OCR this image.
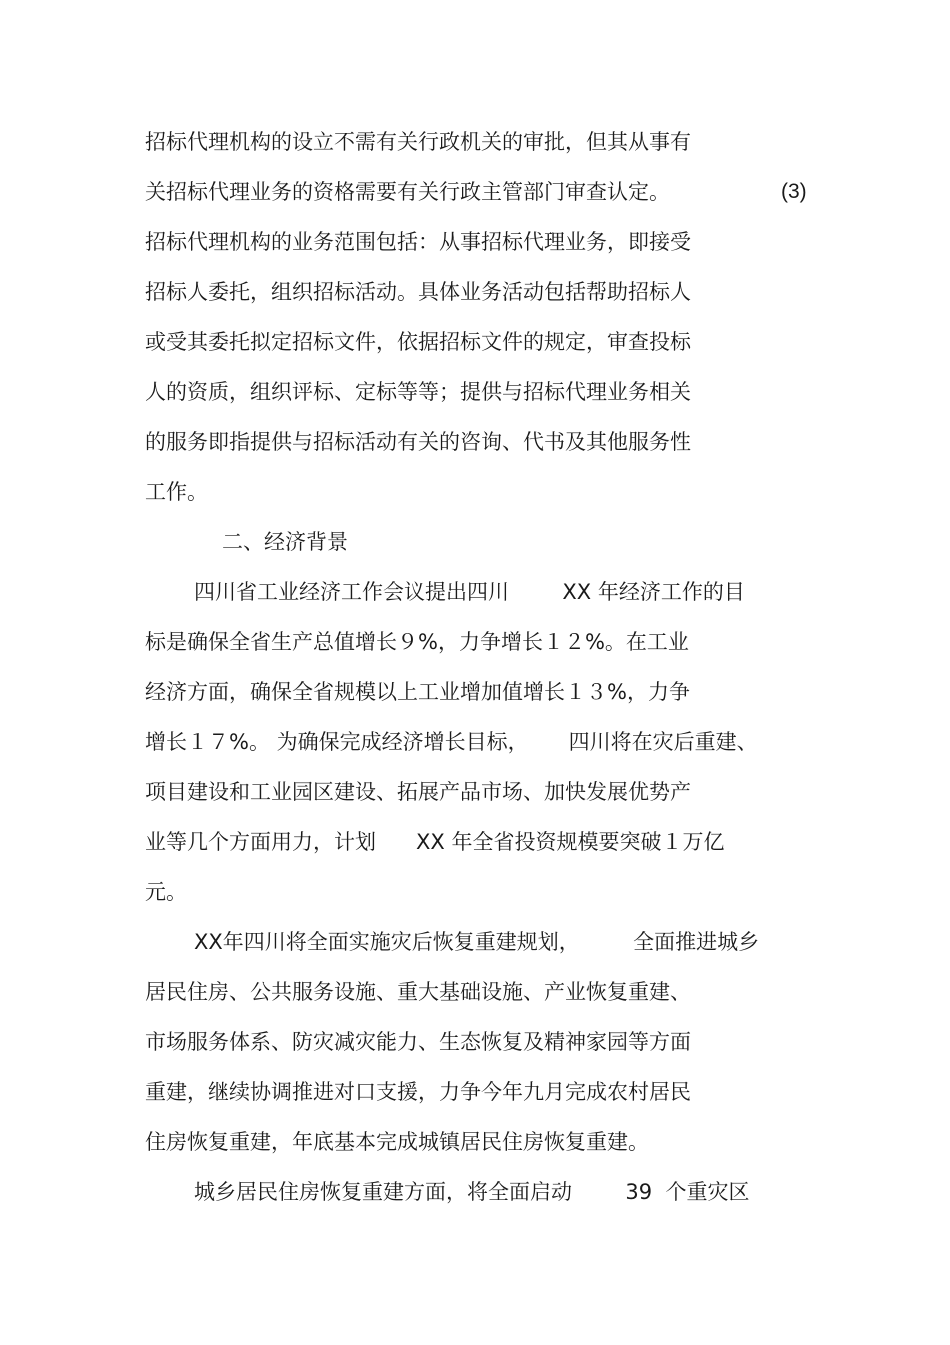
招标代理机构的设立不需有关行政机关的审批，但其从事有
关招标代理业务的资格需要有关行政主管部门审查认定。	(3)
招标代理机构的业务范围包括：从事招标代理业务，即接受
招标人委托，组织招标活动。具体业务活动包括帮助招标人
或受其委托拟定招标文件，依据招标文件的规定，审查投标
人的资质，组织评标、定标等等；提供与招标代理业务相关
的服务即指提供与招标活动有关的咨询、代书及其他服务性
工作。
二、经济背景
四川省工业经济工作会议提出四川        XX 年经济工作的目
标是确保全省生产总值增长９%，力争增长１２%。在工业
经济方面，确保全省规模以上工业增加值增长１３%，力争
增长１７%。 为确保完成经济增长目标，      四川将在灾后重建、
项目建设和工业园区建设、拓展产品市场、加快发展优势产
业等几个方面用力，计划      XX 年全省投资规模要突破１万亿
元。
XX年四川将全面实施灾后恢复重建规划，        全面推进城乡
居民住房、公共服务设施、重大基础设施、产业恢复重建、
市场服务体系、防灾减灾能力、生态恢复及精神家园等方面
重建，继续协调推进对口支援，力争今年九月完成农村居民
住房恢复重建，年底基本完成城镇居民住房恢复重建。
城乡居民住房恢复重建方面，将全面启动        39  个重灾区
